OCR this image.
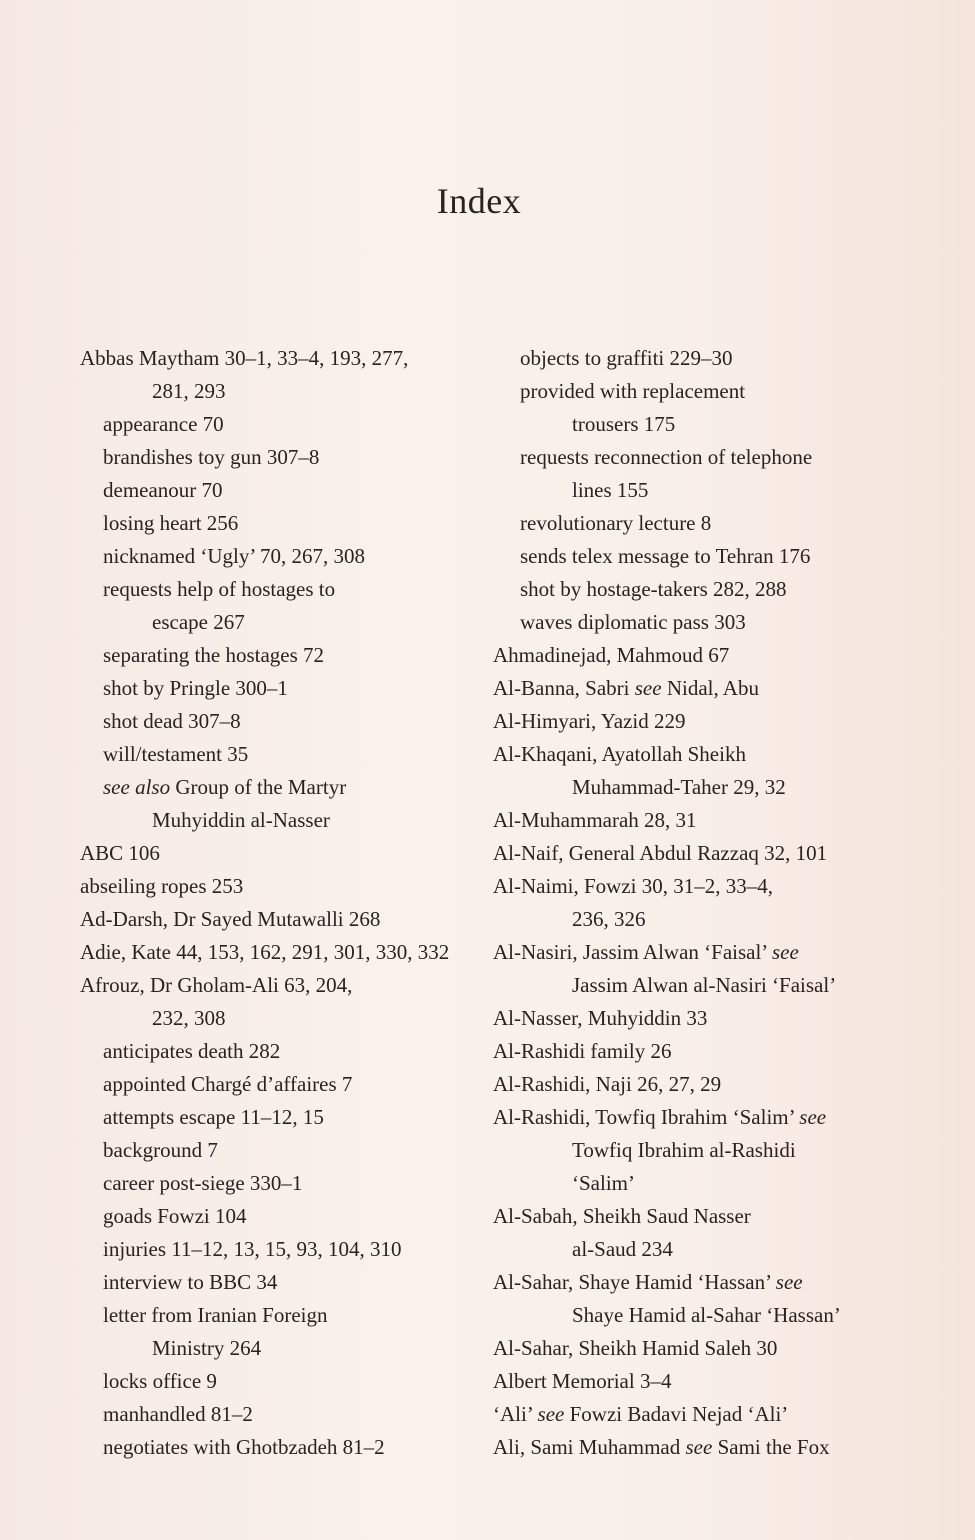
Index
Abbas Maytham 30–1, 33–4, 193, 277,
281, 293
appearance 70
brandishes toy gun 307–8
demeanour 70
losing heart 256
nicknamed ‘Ugly’ 70, 267, 308
requests help of hostages to
escape 267
separating the hostages 72
shot by Pringle 300–1
shot dead 307–8
will/testament 35
see also Group of the Martyr
Muhyiddin al-Nasser
ABC 106
abseiling ropes 253
Ad-Darsh, Dr Sayed Mutawalli 268
Adie, Kate 44, 153, 162, 291, 301, 330, 332
Afrouz, Dr Gholam-Ali 63, 204,
232, 308
anticipates death 282
appointed Chargé d’affaires 7
attempts escape 11–12, 15
background 7
career post-siege 330–1
goads Fowzi 104
injuries 11–12, 13, 15, 93, 104, 310
interview to BBC 34
letter from Iranian Foreign
Ministry 264
locks office 9
manhandled 81–2
negotiates with Ghotbzadeh 81–2
objects to graffiti 229–30
provided with replacement
trousers 175
requests reconnection of telephone
lines 155
revolutionary lecture 8
sends telex message to Tehran 176
shot by hostage-takers 282, 288
waves diplomatic pass 303
Ahmadinejad, Mahmoud 67
Al-Banna, Sabri see Nidal, Abu
Al-Himyari, Yazid 229
Al-Khaqani, Ayatollah Sheikh
Muhammad-Taher 29, 32
Al-Muhammarah 28, 31
Al-Naif, General Abdul Razzaq 32, 101
Al-Naimi, Fowzi 30, 31–2, 33–4,
236, 326
Al-Nasiri, Jassim Alwan ‘Faisal’ see
Jassim Alwan al-Nasiri ‘Faisal’
Al-Nasser, Muhyiddin 33
Al-Rashidi family 26
Al-Rashidi, Naji 26, 27, 29
Al-Rashidi, Towfiq Ibrahim ‘Salim’ see
Towfiq Ibrahim al-Rashidi
‘Salim’
Al-Sabah, Sheikh Saud Nasser
al-Saud 234
Al-Sahar, Shaye Hamid ‘Hassan’ see
Shaye Hamid al-Sahar ‘Hassan’
Al-Sahar, Sheikh Hamid Saleh 30
Albert Memorial 3–4
‘Ali’ see Fowzi Badavi Nejad ‘Ali’
Ali, Sami Muhammad see Sami the Fox
